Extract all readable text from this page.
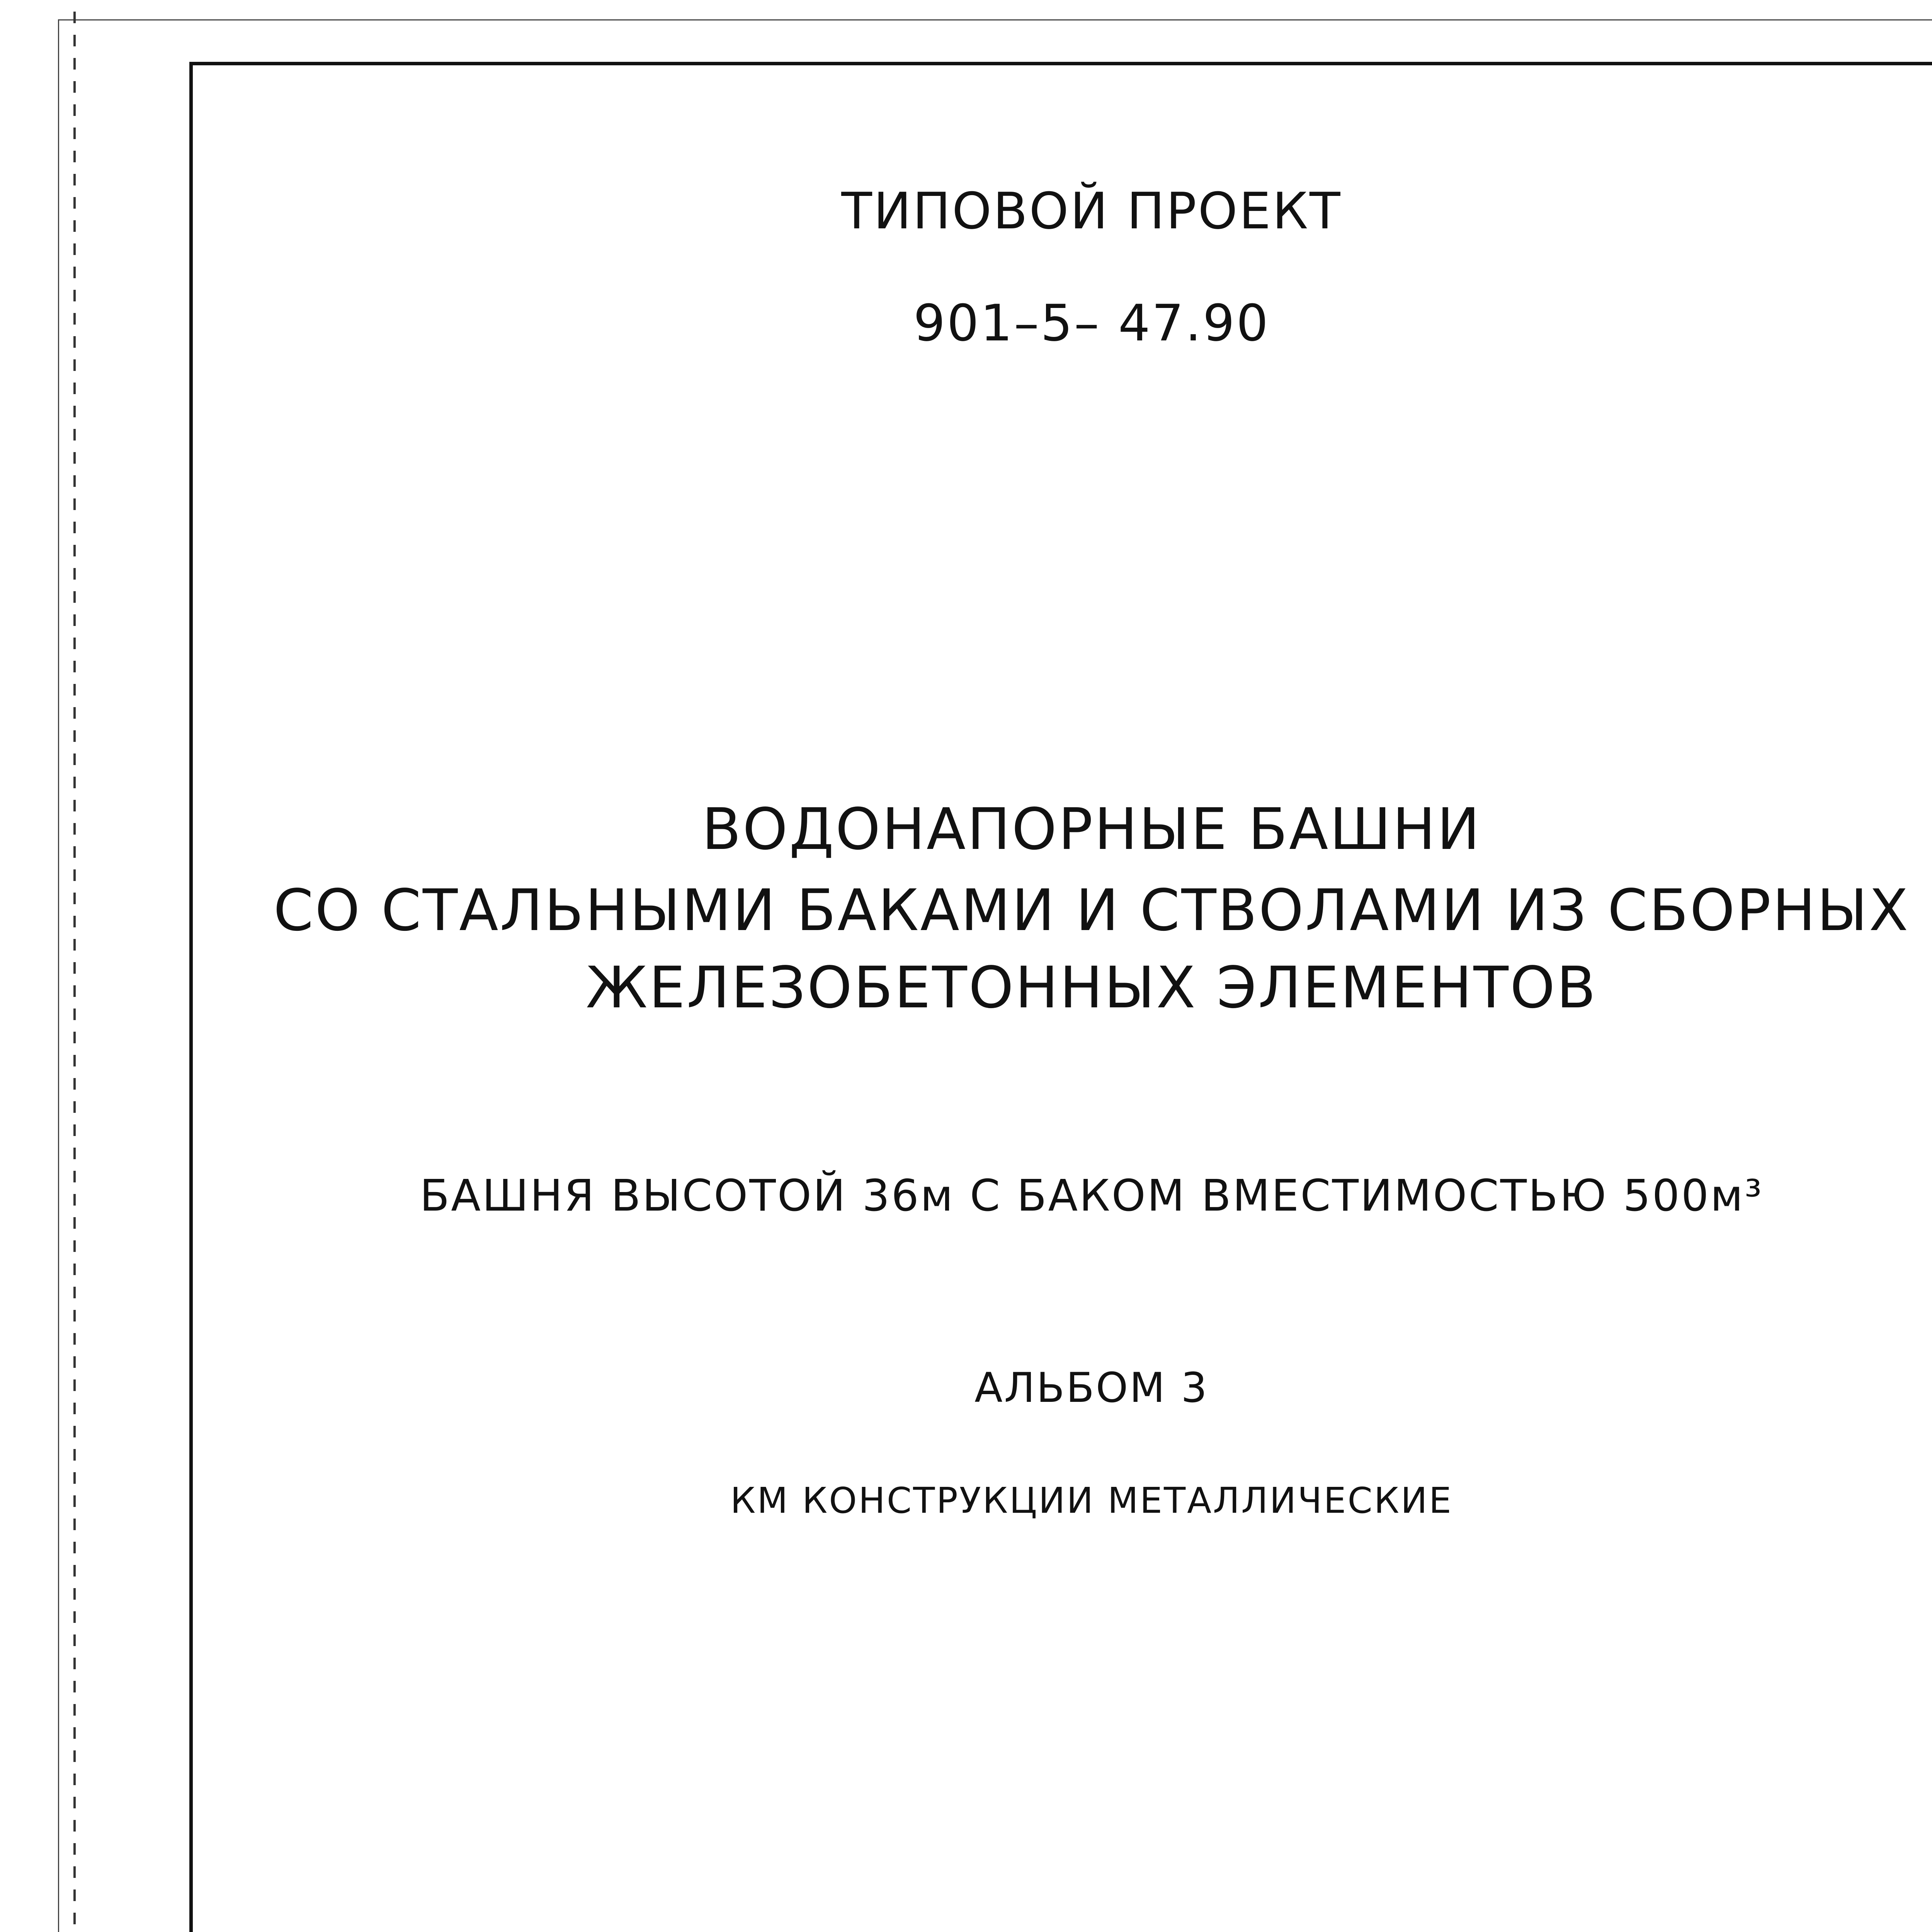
ТИПОВОЙ ПРОЕКТ
901–5– 47.90
ВОДОНАПОРНЫЕ БАШНИ
СО СТАЛЬНЫМИ БАКАМИ И СТВОЛАМИ ИЗ СБОРНЫХ
ЖЕЛЕЗОБЕТОННЫХ ЭЛЕМЕНТОВ
БАШНЯ ВЫСОТОЙ 36м С БАКОМ ВМЕСТИМОСТЬЮ 500м³
АЛЬБОМ 3
КМ КОНСТРУКЦИИ МЕТАЛЛИЧЕСКИЕ
